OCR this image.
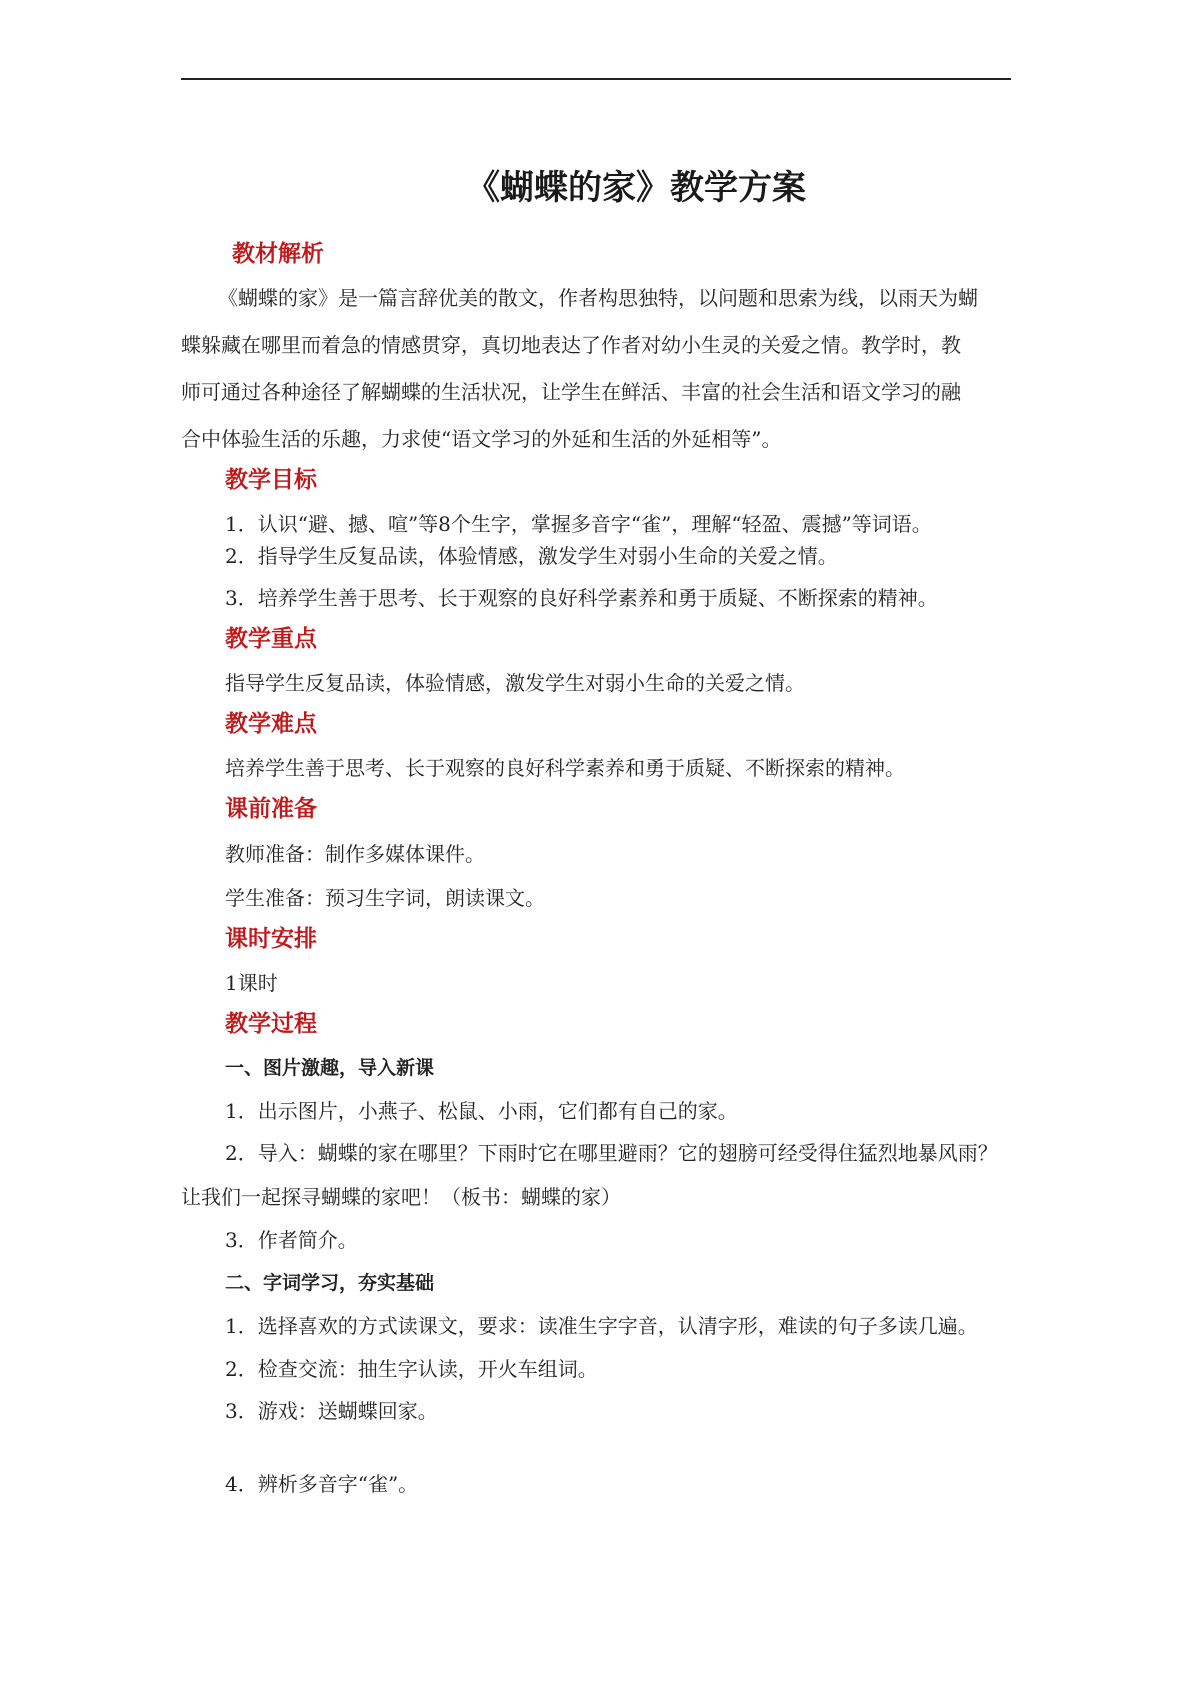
《蝴蝶的家》教学方案
教材解析
《蝴蝶的家》是一篇言辞优美的散文，作者构思独特，以问题和思索为线，以雨天为蝴
蝶躲藏在哪里而着急的情感贯穿，真切地表达了作者对幼小生灵的关爱之情。教学时，教
师可通过各种途径了解蝴蝶的生活状况，让学生在鲜活、丰富的社会生活和语文学习的融
合中体验生活的乐趣，力求使“语文学习的外延和生活的外延相等”。
教学目标
1．认识“避、撼、喧”等8个生字，掌握多音字“雀”，理解“轻盈、震撼”等词语。
2．指导学生反复品读，体验情感，激发学生对弱小生命的关爱之情。
3．培养学生善于思考、长于观察的良好科学素养和勇于质疑、不断探索的精神。
教学重点
指导学生反复品读，体验情感，激发学生对弱小生命的关爱之情。
教学难点
培养学生善于思考、长于观察的良好科学素养和勇于质疑、不断探索的精神。
课前准备
教师准备：制作多媒体课件。
学生准备：预习生字词，朗读课文。
课时安排
1课时
教学过程
一、图片激趣，导入新课
1．出示图片，小燕子、松鼠、小雨，它们都有自己的家。
2．导入：蝴蝶的家在哪里？下雨时它在哪里避雨？它的翅膀可经受得住猛烈地暴风雨？
让我们一起探寻蝴蝶的家吧！（板书：蝴蝶的家）
3．作者简介。
二、字词学习，夯实基础
1．选择喜欢的方式读课文，要求：读准生字字音，认清字形，难读的句子多读几遍。
2．检查交流：抽生字认读，开火车组词。
3．游戏：送蝴蝶回家。
4．辨析多音字“雀”。
